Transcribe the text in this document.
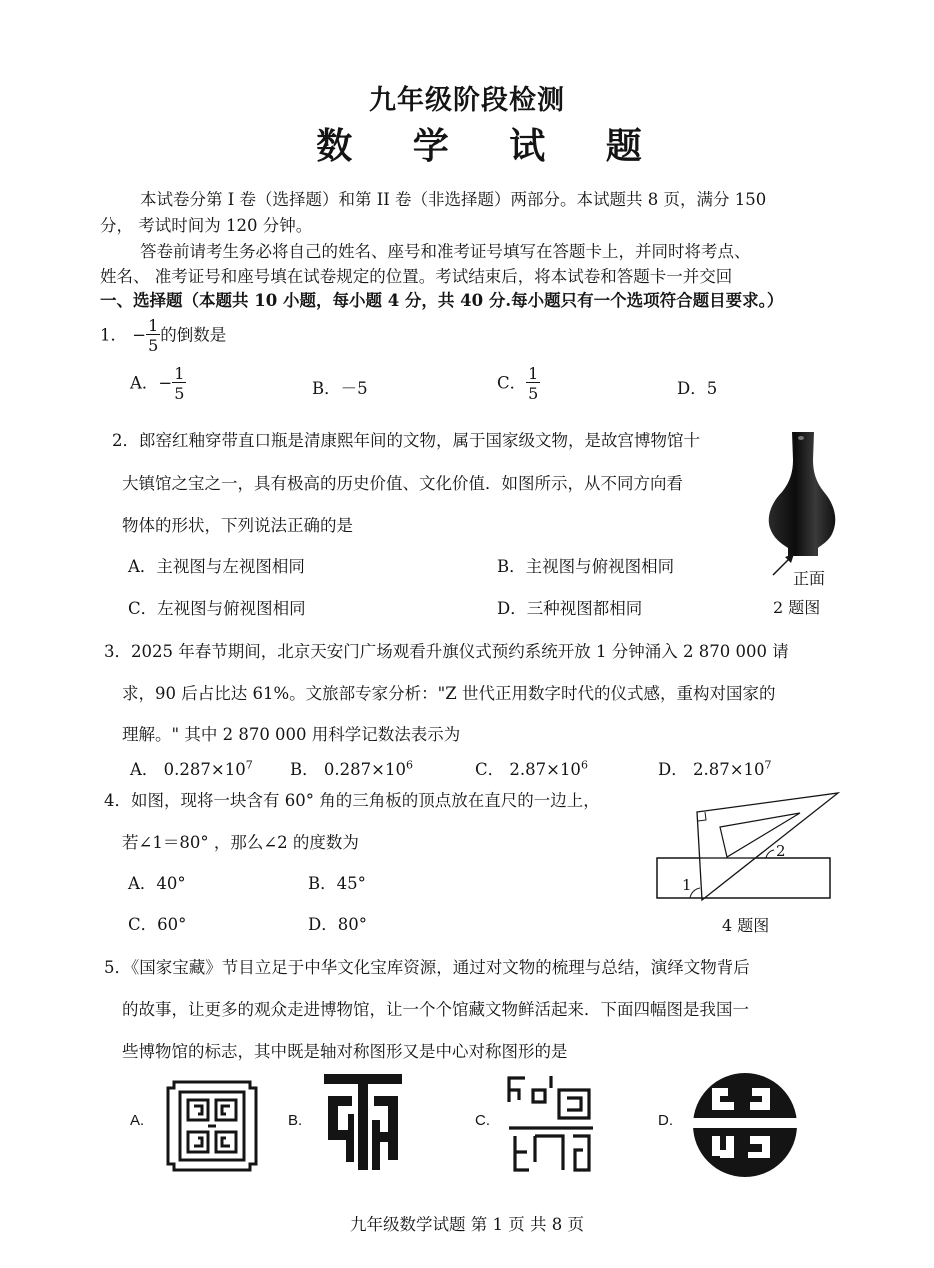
九年级阶段检测
数 学 试 题
本试卷分第 I 卷（选择题）和第 II 卷（非选择题）两部分。本试题共 8 页，满分 150
分， 考试时间为 120 分钟。
答卷前请考生务必将自己的姓名、座号和准考证号填写在答题卡上，并同时将考点、
姓名、 准考证号和座号填在试卷规定的位置。考试结束后，将本试卷和答题卡一并交回
一、选择题（本题共 10 小题，每小题 4 分，共 40 分.每小题只有一个选项符合题目要求。）
1． − $\frac{1}{5}$ 的倒数是
A．− $\frac{1}{5}$	B．－5	C． $\frac{1}{5}$	D．5
2．郎窑红釉穿带直口瓶是清康熙年间的文物，属于国家级文物，是故宫博物馆十
大镇馆之宝之一，具有极高的历史价值、文化价值．如图所示，从不同方向看
物体的形状，下列说法正确的是
A．主视图与左视图相同	B．主视图与俯视图相同
C．左视图与俯视图相同	D．三种视图都相同
正面
2 题图
3．2025 年春节期间，北京天安门广场观看升旗仪式预约系统开放 1 分钟涌入 2 870 000 请
求，90 后占比达 61%。文旅部专家分析："Z 世代正用数字时代的仪式感，重构对国家的
理解。" 其中 2 870 000 用科学记数法表示为
A． $0.287\times 10^7$ B． $0.287\times 10^6$	C． $2.87\times 10^6$	D． $2.87\times 10^7$
4．如图，现将一块含有 60° 角的三角板的顶点放在直尺的一边上，
若∠1＝80° ，那么∠2 的度数为
A．40°	B．45°
C．60°	D．80°
1
2
4 题图
5．《国家宝藏》节目立足于中华文化宝库资源，通过对文物的梳理与总结，演绎文物背后
的故事，让更多的观众走进博物馆，让一个个馆藏文物鲜活起来．下面四幅图是我国一
些博物馆的标志，其中既是轴对称图形又是中心对称图形的是
A.	B.	C.	D.
九年级数学试题 第 1 页 共 8 页
